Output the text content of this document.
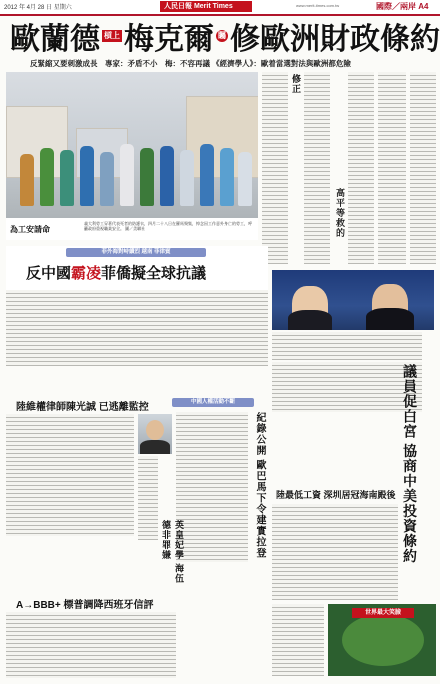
2012 年 4月 28 日 星期六	人民日報 Merit Times	www.merit-times.com.tw	國際／兩岸 A4
歐蘭德 槓上 梅克爾 矚 修歐洲財政條約
反緊縮又要刺激成長　專家：矛盾不小　梅：不容再議 《經濟學人》：歐着當選對法與歐洲都危險
為工安請命
義大利勞工穿著代表死者的防護衣，四月二十八日在羅馬聚集，悼念因工作意外身亡的勞工，呼籲政府重視職業安全。 圖／美聯社
修正
高平等救的
菲外海對峙續烈 越南 菲律賓
反中國霸凌菲僑擬全球抗議
陸維權律師陳光誠 已逃離監控	中國人權活動不斷
紀錄公開 歐巴馬下令建實拉登	議員促白宮 協商中美投資條約
英皇妃學 海伍德非罪嫌
A→BBB+ 標普調降西班牙信評
陸最低工資 深圳居冠海南殿後
世界最大笑臉
